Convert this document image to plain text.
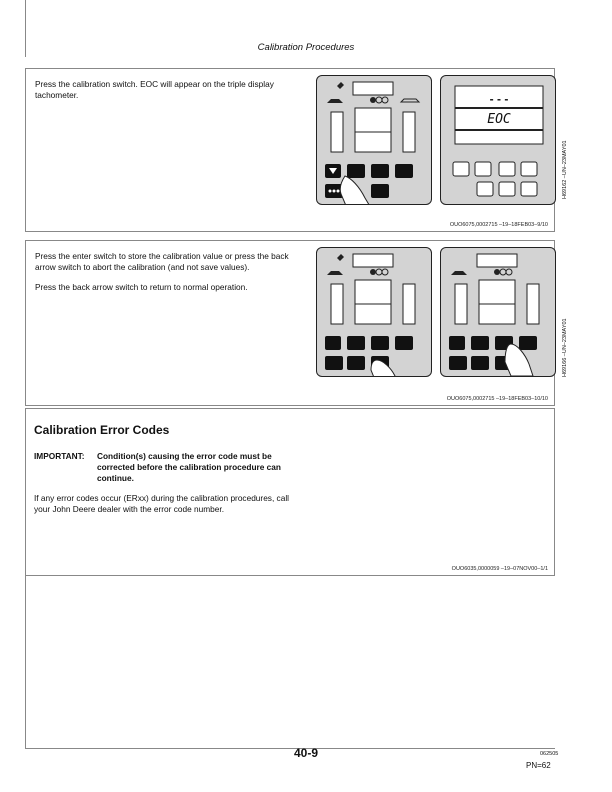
Calibration Procedures
Press the calibration switch. EOC will appear on the triple display tachometer.	- - -
EOC
H69162 –UN–23MAY01
OUO6075,0002715 –19–18FEB03–9/10

Press the enter switch to store the calibration value or press the back arrow switch to abort the calibration (and not save values).

Press the back arrow switch to return to normal operation.

H69166 –UN–23MAY01
OUO6075,0002715 –19–18FEB03–10/10
Calibration Error Codes
IMPORTANT: Condition(s) causing the error code must be corrected before the calibration procedure can continue.
If any error codes occur (ERxx) during the calibration procedures, call your John Deere dealer with the error code number.
OUO6035,0000059 –19–07NOV00–1/1
40-9	062505
PN=62
